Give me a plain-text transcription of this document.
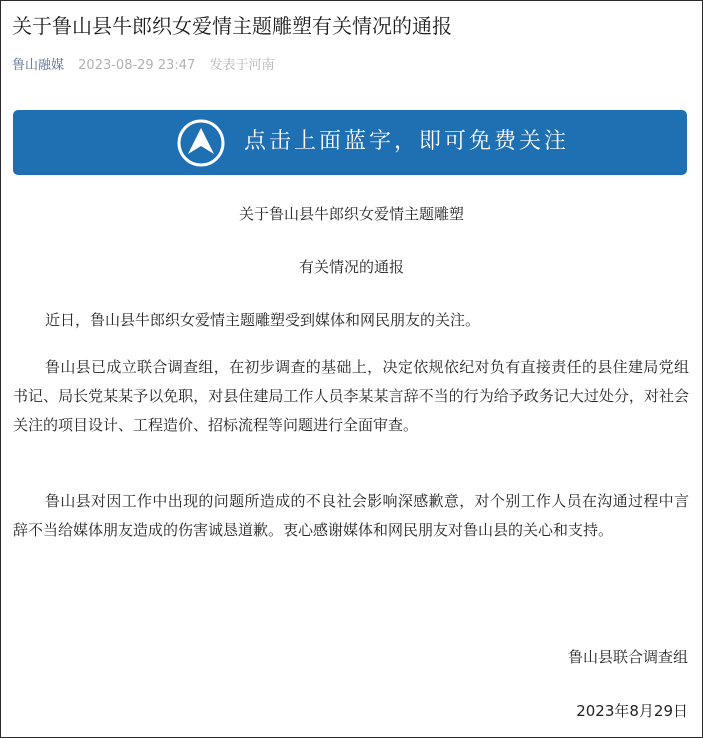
关于鲁山县牛郎织女爱情主题雕塑有关情况的通报
鲁山融媒 2023-08-29 23:47 发表于河南
点击上面蓝字，即可免费关注
关于鲁山县牛郎织女爱情主题雕塑
有关情况的通报
近日，鲁山县牛郎织女爱情主题雕塑受到媒体和网民朋友的关注。
鲁山县已成立联合调查组，在初步调查的基础上，决定依规依纪对负有直接责任的县住建局党组书记、局长党某某予以免职，对县住建局工作人员李某某言辞不当的行为给予政务记大过处分，对社会关注的项目设计、工程造价、招标流程等问题进行全面审查。
鲁山县对因工作中出现的问题所造成的不良社会影响深感歉意，对个别工作人员在沟通过程中言辞不当给媒体朋友造成的伤害诚恳道歉。衷心感谢媒体和网民朋友对鲁山县的关心和支持。
鲁山县联合调查组
2023年8月29日
